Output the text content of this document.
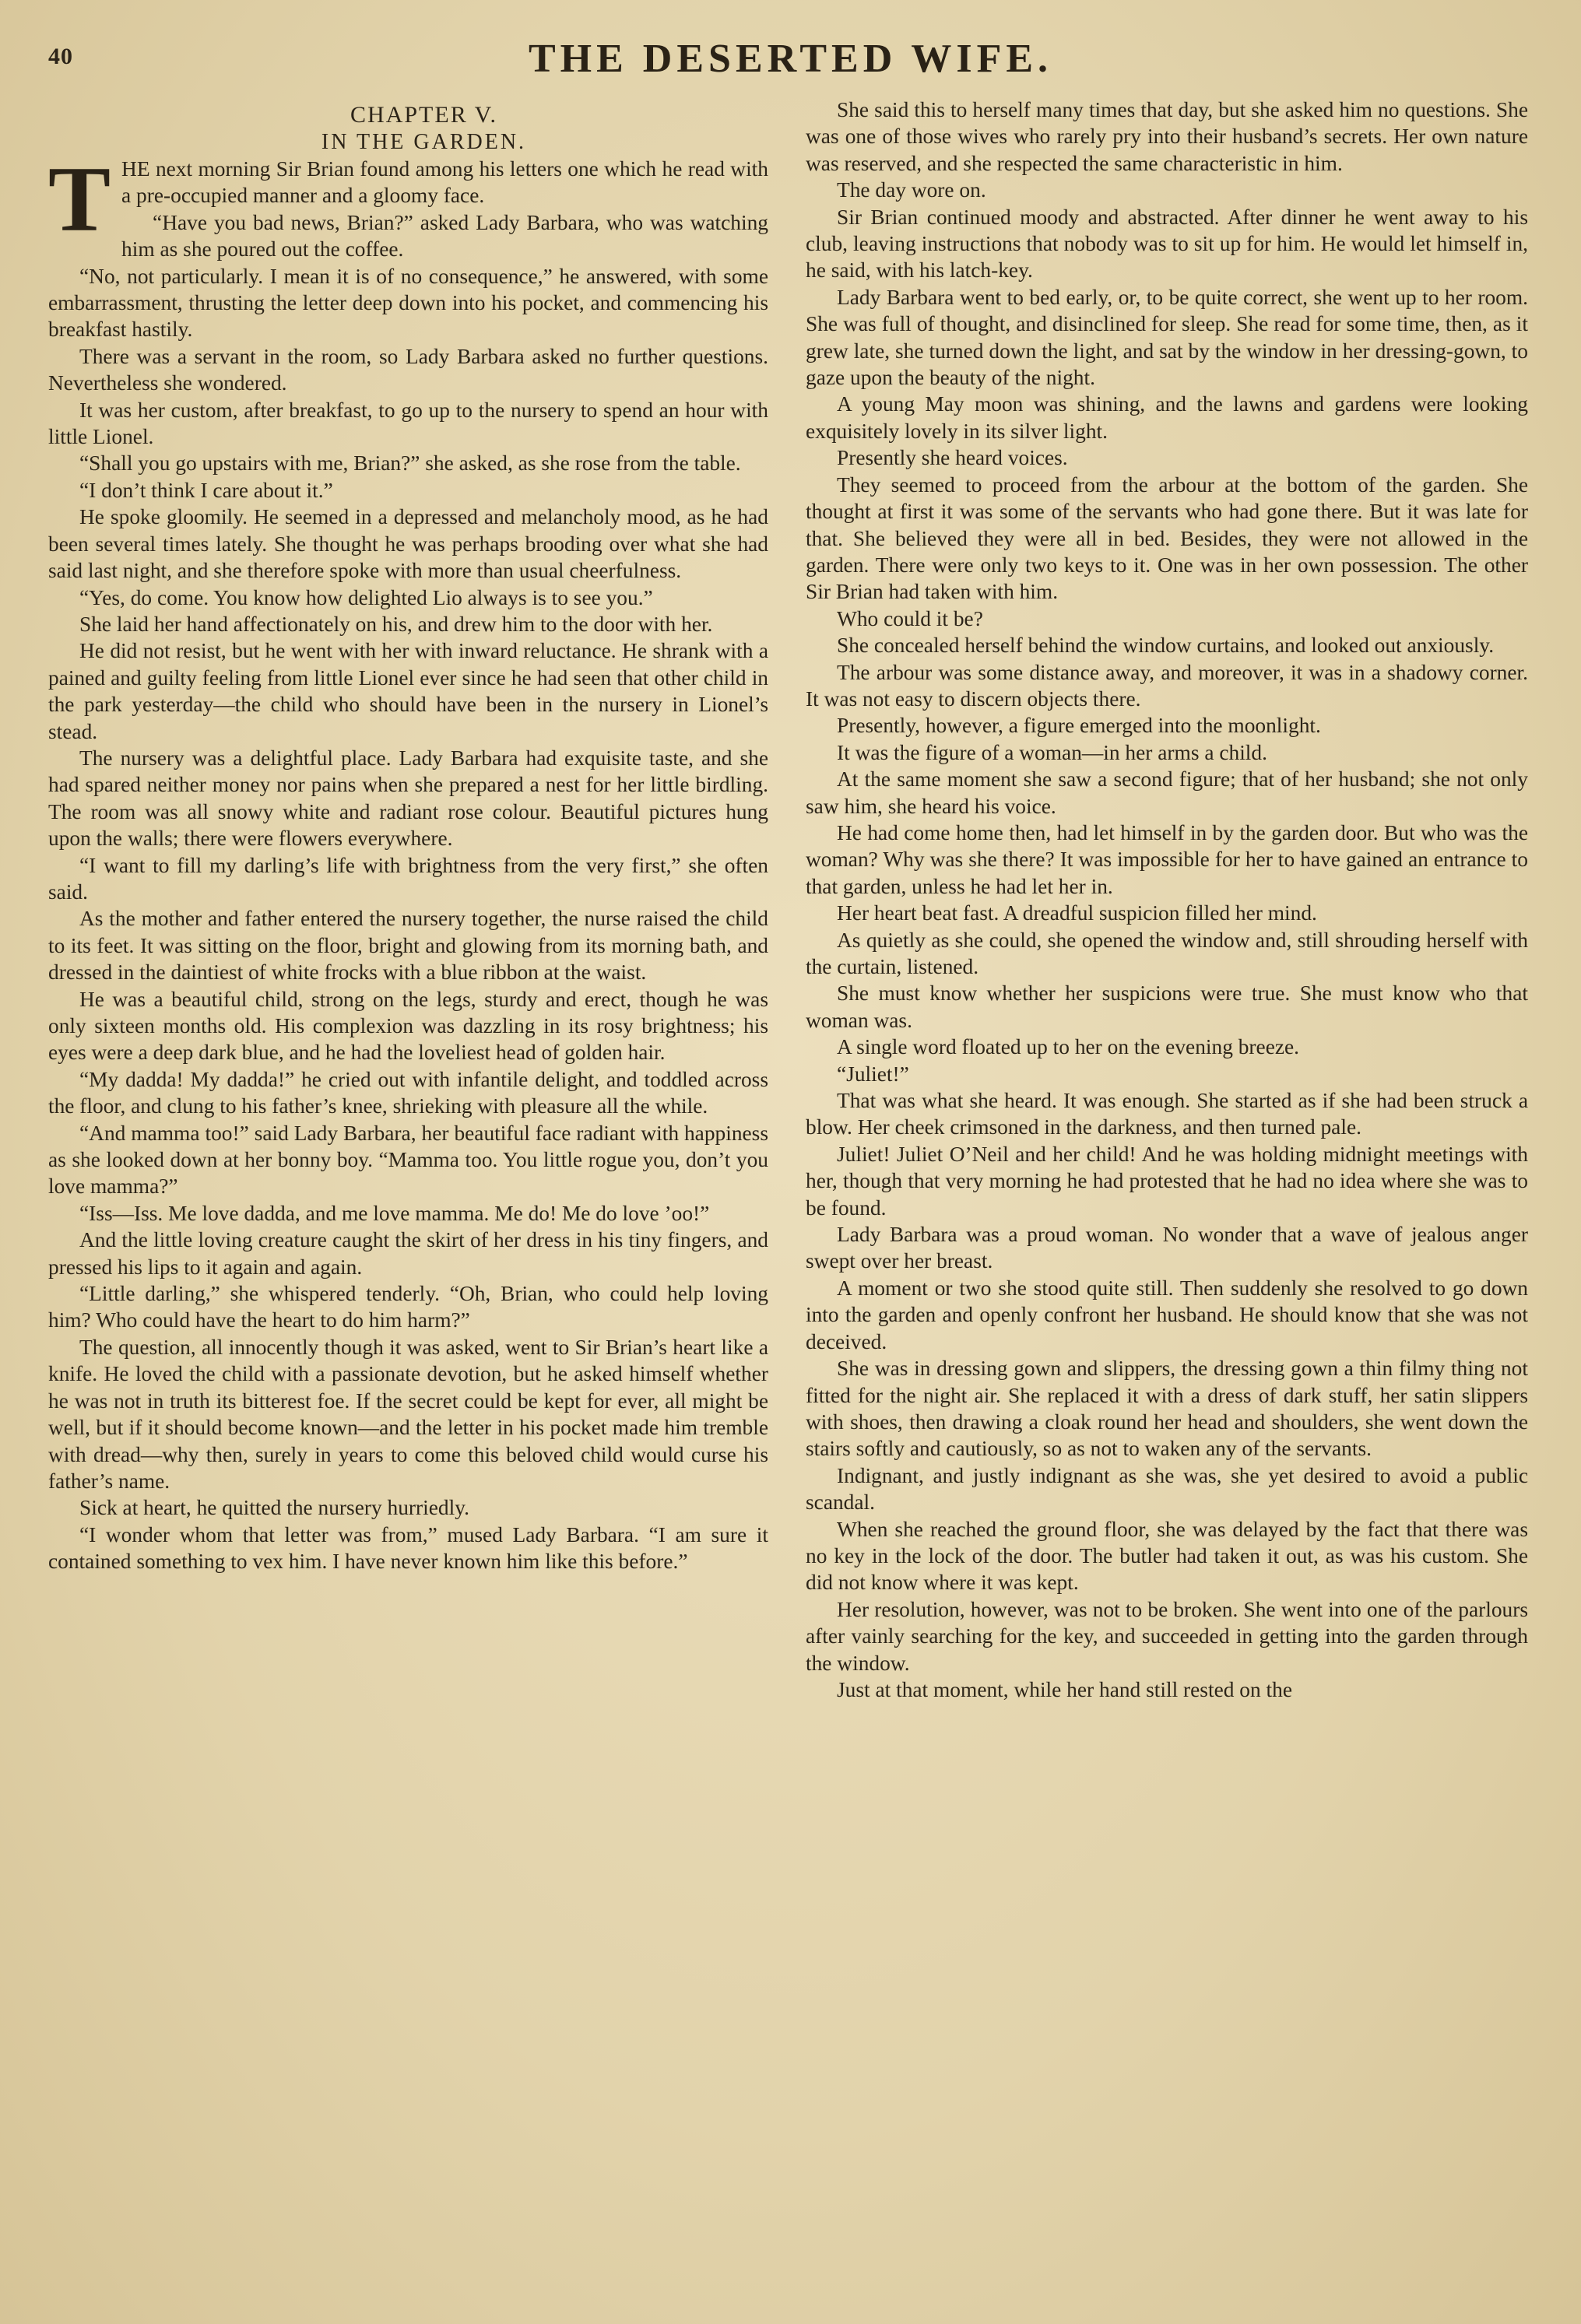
40	THE DESERTED WIFE.

CHAPTER V.

IN THE GARDEN.

THE next morning Sir Brian found among his letters one which he read with a pre-occupied manner and a gloomy face.

“Have you bad news, Brian?” asked Lady Barbara, who was watching him as she poured out the coffee.

“No, not particularly. I mean it is of no consequence,” he answered, with some embarrassment, thrusting the letter deep down into his pocket, and commencing his breakfast hastily.

There was a servant in the room, so Lady Barbara asked no further questions. Nevertheless she wondered.

It was her custom, after breakfast, to go up to the nursery to spend an hour with little Lionel.

“Shall you go upstairs with me, Brian?” she asked, as she rose from the table.

“I don’t think I care about it.”

He spoke gloomily. He seemed in a depressed and melancholy mood, as he had been several times lately. She thought he was perhaps brooding over what she had said last night, and she therefore spoke with more than usual cheerfulness.

“Yes, do come. You know how delighted Lio always is to see you.”

She laid her hand affectionately on his, and drew him to the door with her.

He did not resist, but he went with her with inward reluctance. He shrank with a pained and guilty feeling from little Lionel ever since he had seen that other child in the park yesterday—the child who should have been in the nursery in Lionel’s stead.

The nursery was a delightful place. Lady Barbara had exquisite taste, and she had spared neither money nor pains when she prepared a nest for her little birdling. The room was all snowy white and radiant rose colour. Beautiful pictures hung upon the walls; there were flowers everywhere.

“I want to fill my darling’s life with brightness from the very first,” she often said.

As the mother and father entered the nursery together, the nurse raised the child to its feet. It was sitting on the floor, bright and glowing from its morning bath, and dressed in the daintiest of white frocks with a blue ribbon at the waist.

He was a beautiful child, strong on the legs, sturdy and erect, though he was only sixteen months old. His complexion was dazzling in its rosy brightness; his eyes were a deep dark blue, and he had the loveliest head of golden hair.

“My dadda! My dadda!” he cried out with infantile delight, and toddled across the floor, and clung to his father’s knee, shrieking with pleasure all the while.

“And mamma too!” said Lady Barbara, her beautiful face radiant with happiness as she looked down at her bonny boy. “Mamma too. You little rogue you, don’t you love mamma?”

“Iss—Iss. Me love dadda, and me love mamma. Me do! Me do love ’oo!”

And the little loving creature caught the skirt of her dress in his tiny fingers, and pressed his lips to it again and again.

“Little darling,” she whispered tenderly. “Oh, Brian, who could help loving him? Who could have the heart to do him harm?”

The question, all innocently though it was asked, went to Sir Brian’s heart like a knife. He loved the child with a passionate devotion, but he asked himself whether he was not in truth its bitterest foe. If the secret could be kept for ever, all might be well, but if it should become known—and the letter in his pocket made him tremble with dread—why then, surely in years to come this beloved child would curse his father’s name.

Sick at heart, he quitted the nursery hurriedly.

“I wonder whom that letter was from,” mused Lady Barbara. “I am sure it contained something to vex him. I have never known him like this before.”

She said this to herself many times that day, but she asked him no questions. She was one of those wives who rarely pry into their husband’s secrets. Her own nature was reserved, and she respected the same characteristic in him.

The day wore on.

Sir Brian continued moody and abstracted. After dinner he went away to his club, leaving instructions that nobody was to sit up for him. He would let himself in, he said, with his latch-key.

Lady Barbara went to bed early, or, to be quite correct, she went up to her room. She was full of thought, and disinclined for sleep. She read for some time, then, as it grew late, she turned down the light, and sat by the window in her dressing-gown, to gaze upon the beauty of the night.

A young May moon was shining, and the lawns and gardens were looking exquisitely lovely in its silver light.

Presently she heard voices.

They seemed to proceed from the arbour at the bottom of the garden. She thought at first it was some of the servants who had gone there. But it was late for that. She believed they were all in bed. Besides, they were not allowed in the garden. There were only two keys to it. One was in her own possession. The other Sir Brian had taken with him.

Who could it be?

She concealed herself behind the window curtains, and looked out anxiously.

The arbour was some distance away, and moreover, it was in a shadowy corner. It was not easy to discern objects there.

Presently, however, a figure emerged into the moonlight.

It was the figure of a woman—in her arms a child.

At the same moment she saw a second figure; that of her husband; she not only saw him, she heard his voice.

He had come home then, had let himself in by the garden door. But who was the woman? Why was she there? It was impossible for her to have gained an entrance to that garden, unless he had let her in.

Her heart beat fast. A dreadful suspicion filled her mind.

As quietly as she could, she opened the window and, still shrouding herself with the curtain, listened.

She must know whether her suspicions were true. She must know who that woman was.

A single word floated up to her on the evening breeze.

“Juliet!”

That was what she heard. It was enough. She started as if she had been struck a blow. Her cheek crimsoned in the darkness, and then turned pale.

Juliet! Juliet O’Neil and her child! And he was holding midnight meetings with her, though that very morning he had protested that he had no idea where she was to be found.

Lady Barbara was a proud woman. No wonder that a wave of jealous anger swept over her breast.

A moment or two she stood quite still. Then suddenly she resolved to go down into the garden and openly confront her husband. He should know that she was not deceived.

She was in dressing gown and slippers, the dressing gown a thin filmy thing not fitted for the night air. She replaced it with a dress of dark stuff, her satin slippers with shoes, then drawing a cloak round her head and shoulders, she went down the stairs softly and cautiously, so as not to waken any of the servants.

Indignant, and justly indignant as she was, she yet desired to avoid a public scandal.

When she reached the ground floor, she was delayed by the fact that there was no key in the lock of the door. The butler had taken it out, as was his custom. She did not know where it was kept.

Her resolution, however, was not to be broken. She went into one of the parlours after vainly searching for the key, and succeeded in getting into the garden through the window.

Just at that moment, while her hand still rested on the
